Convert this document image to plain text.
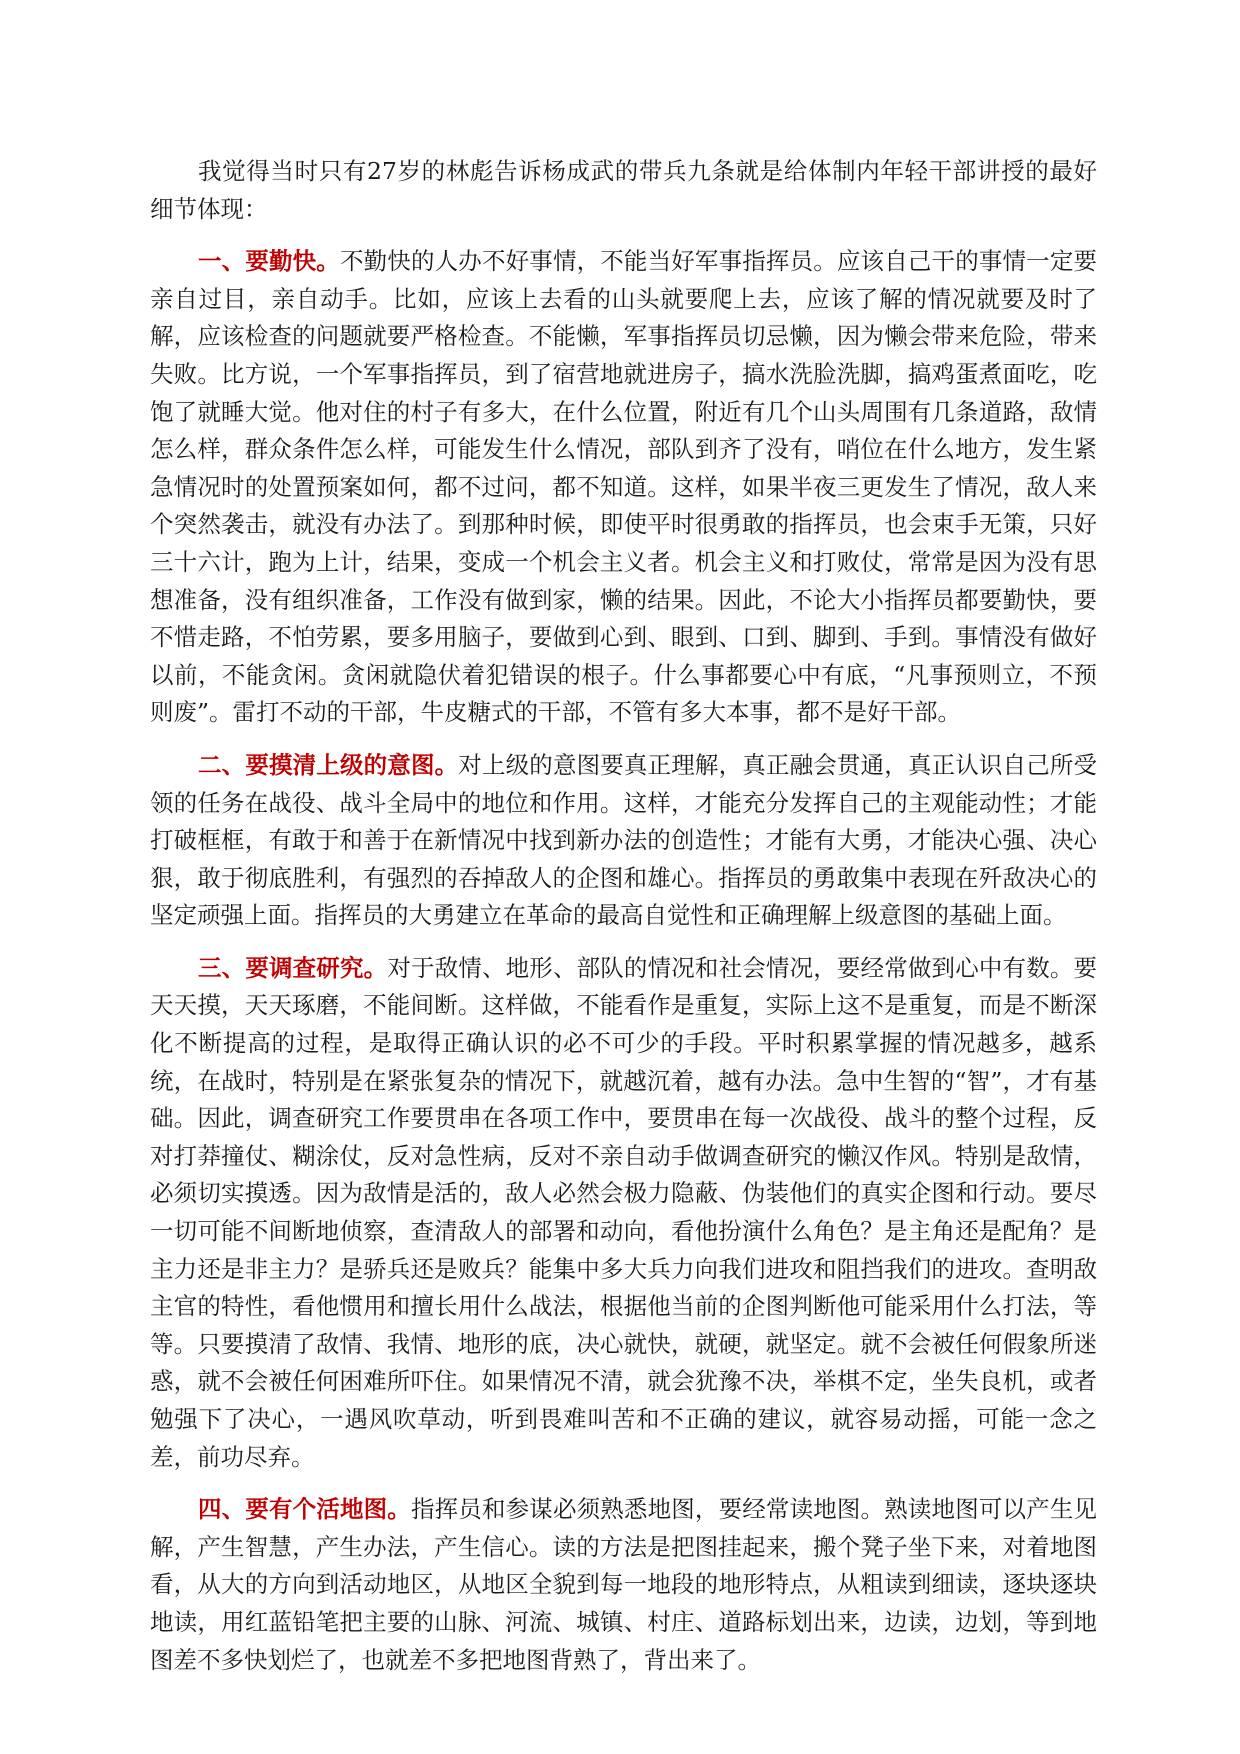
我觉得当时只有27岁的林彪告诉杨成武的带兵九条就是给体制内年轻干部讲授的最好细节体现：

一、要勤快。不勤快的人办不好事情，不能当好军事指挥员。应该自己干的事情一定要亲自过目，亲自动手。比如，应该上去看的山头就要爬上去，应该了解的情况就要及时了解，应该检查的问题就要严格检查。不能懒，军事指挥员切忌懒，因为懒会带来危险，带来失败。比方说，一个军事指挥员，到了宿营地就进房子，搞水洗脸洗脚，搞鸡蛋煮面吃，吃饱了就睡大觉。他对住的村子有多大，在什么位置，附近有几个山头周围有几条道路，敌情怎么样，群众条件怎么样，可能发生什么情况，部队到齐了没有，哨位在什么地方，发生紧急情况时的处置预案如何，都不过问，都不知道。这样，如果半夜三更发生了情况，敌人来个突然袭击，就没有办法了。到那种时候，即使平时很勇敢的指挥员，也会束手无策，只好三十六计，跑为上计，结果，变成一个机会主义者。机会主义和打败仗，常常是因为没有思想准备，没有组织准备，工作没有做到家，懒的结果。因此，不论大小指挥员都要勤快，要不惜走路，不怕劳累，要多用脑子，要做到心到、眼到、口到、脚到、手到。事情没有做好以前，不能贪闲。贪闲就隐伏着犯错误的根子。什么事都要心中有底，“凡事预则立，不预则废”。雷打不动的干部，牛皮糖式的干部，不管有多大本事，都不是好干部。

二、要摸清上级的意图。对上级的意图要真正理解，真正融会贯通，真正认识自己所受领的任务在战役、战斗全局中的地位和作用。这样，才能充分发挥自己的主观能动性；才能打破框框，有敢于和善于在新情况中找到新办法的创造性；才能有大勇，才能决心强、决心狠，敢于彻底胜利，有强烈的吞掉敌人的企图和雄心。指挥员的勇敢集中表现在歼敌决心的坚定顽强上面。指挥员的大勇建立在革命的最高自觉性和正确理解上级意图的基础上面。

三、要调查研究。对于敌情、地形、部队的情况和社会情况，要经常做到心中有数。要天天摸，天天琢磨，不能间断。这样做，不能看作是重复，实际上这不是重复，而是不断深化不断提高的过程，是取得正确认识的必不可少的手段。平时积累掌握的情况越多，越系统，在战时，特别是在紧张复杂的情况下，就越沉着，越有办法。急中生智的“智”，才有基础。因此，调查研究工作要贯串在各项工作中，要贯串在每一次战役、战斗的整个过程，反对打莽撞仗、糊涂仗，反对急性病，反对不亲自动手做调查研究的懒汉作风。特别是敌情，必须切实摸透。因为敌情是活的，敌人必然会极力隐蔽、伪装他们的真实企图和行动。要尽一切可能不间断地侦察，查清敌人的部署和动向，看他扮演什么角色？是主角还是配角？是主力还是非主力？是骄兵还是败兵？能集中多大兵力向我们进攻和阻挡我们的进攻。查明敌主官的特性，看他惯用和擅长用什么战法，根据他当前的企图判断他可能采用什么打法，等等。只要摸清了敌情、我情、地形的底，决心就快，就硬，就坚定。就不会被任何假象所迷惑，就不会被任何困难所吓住。如果情况不清，就会犹豫不决，举棋不定，坐失良机，或者勉强下了决心，一遇风吹草动，听到畏难叫苦和不正确的建议，就容易动摇，可能一念之差，前功尽弃。

四、要有个活地图。指挥员和参谋必须熟悉地图，要经常读地图。熟读地图可以产生见解，产生智慧，产生办法，产生信心。读的方法是把图挂起来，搬个凳子坐下来，对着地图看，从大的方向到活动地区，从地区全貌到每一地段的地形特点，从粗读到细读，逐块逐块地读，用红蓝铅笔把主要的山脉、河流、城镇、村庄、道路标划出来，边读，边划，等到地图差不多快划烂了，也就差不多把地图背熟了，背出来了。
